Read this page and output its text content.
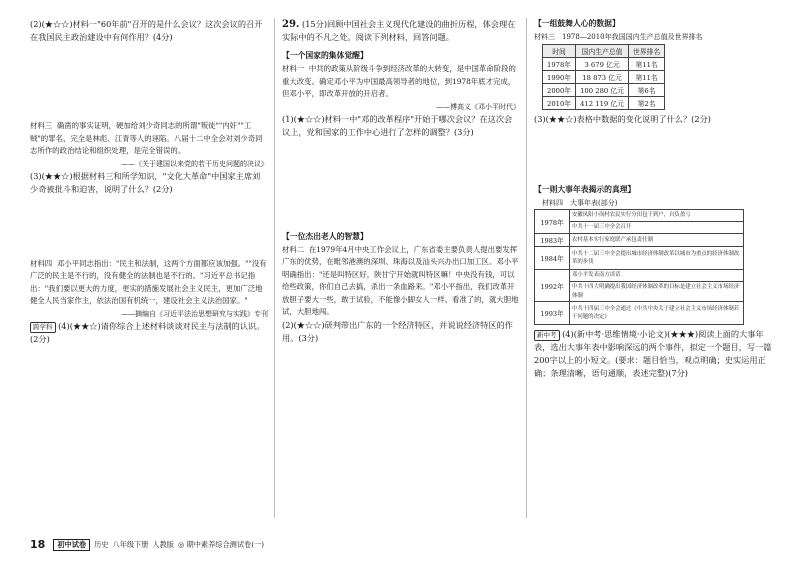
(2)(★☆☆)材料一"60年前"召开的是什么会议？这次会议的召开在我国民主政治建设中有何作用？(4分)

材料三 确凿的事实证明，硬加给刘少奇同志的所谓"叛徒""内奸""工贼"的罪名，完全是林彪、江青等人的诬陷。八届十二中全会对刘少奇同志所作的政治结论和组织处理，是完全错误的。

——《关于建国以来党的若干历史问题的决议》

(3)(★★☆)根据材料三和所学知识，"文化大革命"中国家主席刘少奇被批斗和迫害，说明了什么？(2分)

材料四 邓小平同志指出："民主和法制，这两个方面都应该加强。""没有广泛的民主是不行的，没有健全的法制也是不行的。"习近平总书记指出："我们要以更大的力度，更实的措施发展社会主义民主，更加广泛地健全人民当家作主，依法治国有机统一，建设社会主义法治国家。"

——摘编自《习近平法治思想研究与实践》专刊

跨学科 (4)(★★☆)请你综合上述材料谈谈对民主与法制的认识。(2分)

29. (15分)回顾中国社会主义现代化建设的曲折历程，体会理在实际中的不凡之处。阅读下列材料，回答问题。

【一个国家的集体觉醒】

材料一 中共的政策从阶级斗争到经济改革的大转变，是中国革命阶段的重大改变。确定邓小平为中国最高领导者的地位，到1978年底才完成，但邓小平，即改革开放的开启者。

——傅高义《邓小平时代》

(1)(★☆☆)材料一中"邓的改革程序"开始于哪次会议？在这次会议上，党和国家的工作中心进行了怎样的调整？(3分)

【一位杰出老人的智慧】

材料二 在1979年4月中央工作会议上，广东省委主要负责人提出要发挥广东的优势，在毗邻港澳的深圳、珠海以及汕头兴办出口加工区。邓小平明确指出："还是叫特区好，陕甘宁开始就叫特区嘛！中央没有钱，可以给些政策，你们自己去搞，杀出一条血路来。"邓小平指出，我们改革开放胆子要大一些，敢于试验，不能像小脚女人一样。看准了的，就大胆地试，大胆地闯。

(2)(★☆☆)研判带出广东的一个经济特区，并说说经济特区的作用。(3分)

【一组鼓舞人心的数据】

材料三　1978—2010年我国国内生产总值及世界排名

时间	国内生产总值	世界排名
1978年	3 679 亿元	第11名
1990年	18 873 亿元	第11名
2000年	100 280 亿元	第6名
2010年	412 119 亿元	第2名

(3)(★★☆)表格中数据的变化说明了什么？(2分)

【一则大事年表揭示的真理】

材料四　大事年表(部分)

1978年	安徽凤阳小岗村农民实行分田包干到户，自负盈亏
	中共十一届三中全会召开
1983年	农村基本实行家庭联产承包责任制
1984年	中共十二届三中全会提出城市经济体制改革以城市为重点的经济体制改革的步伐
1992年	邓小平发表南方谈话
	中共十四大明确提出我国经济体制改革的目标是建立社会主义市场经济体制
1993年	中共十四届三中全会通过《中共中央关于建立社会主义市场经济体制若干问题的决定》

新中考 (4)(新中考·思维情境·小论文)(★★★)阅读上面的大事年表，选出大事年表中影响深远的两个事件，拟定一个题目，写一篇200字以上的小短文。(要求：题目恰当，观点明确；史实运用正确；条理清晰，语句通顺，表述完整)(7分)

18	初中试卷	历史 八年级下册 人教版 ◎ 期中素养综合测试卷(一)
